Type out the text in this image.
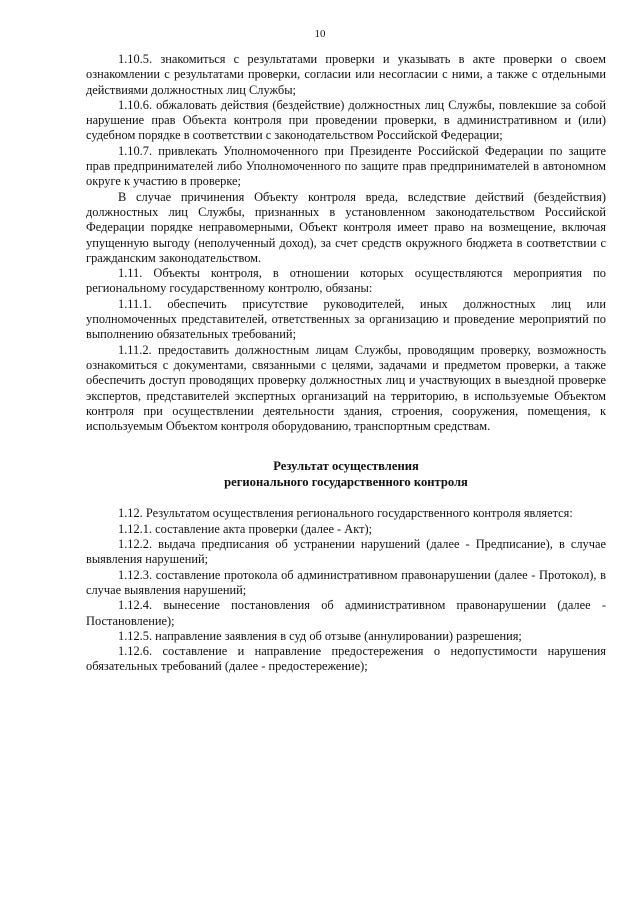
10

1.10.5. знакомиться с результатами проверки и указывать в акте проверки о своем ознакомлении с результатами проверки, согласии или несогласии с ними, а также с отдельными действиями должностных лиц Службы;

1.10.6. обжаловать действия (бездействие) должностных лиц Службы, повлекшие за собой нарушение прав Объекта контроля при проведении проверки, в административном и (или) судебном порядке в соответствии с законодательством Российской Федерации;

1.10.7. привлекать Уполномоченного при Президенте Российской Федерации по защите прав предпринимателей либо Уполномоченного по защите прав предпринимателей в автономном округе к участию в проверке;

В случае причинения Объекту контроля вреда, вследствие действий (бездействия) должностных лиц Службы, признанных в установленном законодательством Российской Федерации порядке неправомерными, Объект контроля имеет право на возмещение, включая упущенную выгоду (неполученный доход), за счет средств окружного бюджета в соответствии с гражданским законодательством.

1.11. Объекты контроля, в отношении которых осуществляются мероприятия по региональному государственному контролю, обязаны:

1.11.1. обеспечить присутствие руководителей, иных должностных лиц или уполномоченных представителей, ответственных за организацию и проведение мероприятий по выполнению обязательных требований;

1.11.2. предоставить должностным лицам Службы, проводящим проверку, возможность ознакомиться с документами, связанными с целями, задачами и предметом проверки, а также обеспечить доступ проводящих проверку должностных лиц и участвующих в выездной проверке экспертов, представителей экспертных организаций на территорию, в используемые Объектом контроля при осуществлении деятельности здания, строения, сооружения, помещения, к используемым Объектом контроля оборудованию, транспортным средствам.

Результат осуществления
регионального государственного контроля

1.12. Результатом осуществления регионального государственного контроля является:

1.12.1. составление акта проверки (далее - Акт);

1.12.2. выдача предписания об устранении нарушений (далее - Предписание), в случае выявления нарушений;

1.12.3. составление протокола об административном правонарушении (далее - Протокол), в случае выявления нарушений;

1.12.4. вынесение постановления об административном правонарушении (далее - Постановление);

1.12.5. направление заявления в суд об отзыве (аннулировании) разрешения;

1.12.6. составление и направление предостережения о недопустимости нарушения обязательных требований (далее - предостережение);
